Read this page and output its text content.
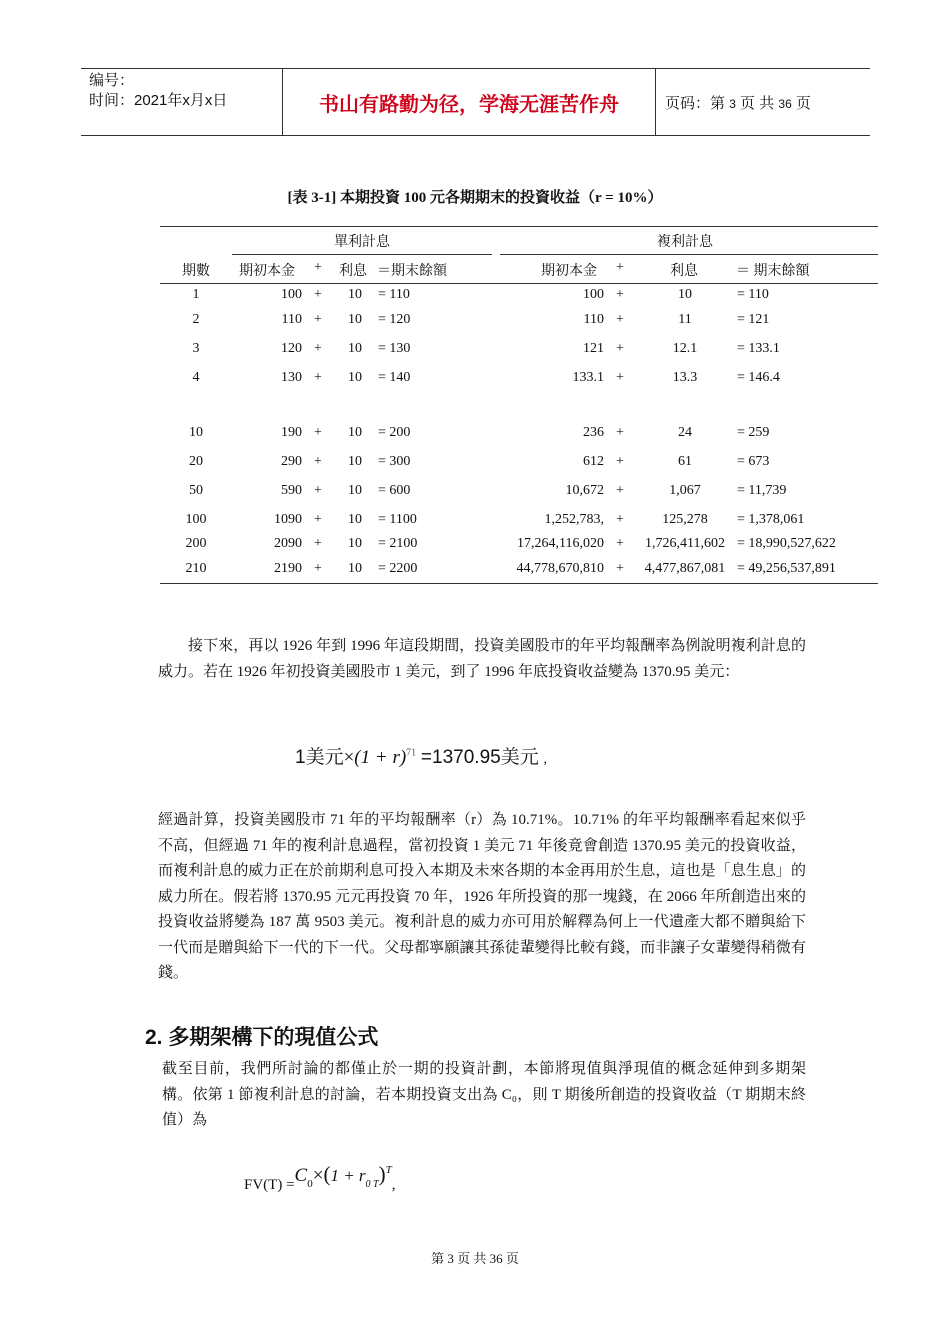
编号：
时间：2021年x月x日	书山有路勤为径，学海无涯苦作舟	页码：第 3 页 共 36 页
[表 3-1] 本期投資 100 元各期期末的投資收益（r = 10%）
單利計息	複利計息
期數	期初本金	+	利息 ＝期末餘額	期初本金	+	利息	＝ 期末餘額
1	100 +	10	= 110	100 +	10	= 110
2	110 +	10	= 120	110 +	11	= 121
3	120 +	10	= 130	121 +	12.1	= 133.1
4	130 +	10	= 140	133.1 +	13.3	= 146.4
10	190 +	10	= 200	236 +	24	= 259
20	290 +	10	= 300	612 +	61	= 673
50	590 +	10	= 600	10,672 +	1,067	= 11,739
100	1090 +	10	= 1100	1,252,783, +	125,278	= 1,378,061
200	2090 +	10	= 2100	17,264,116,020 +	1,726,411,602 = 18,990,527,622
210	2190 +	10	= 2200	44,778,670,810 +	4,477,867,081 = 49,256,537,891

接下來，再以 1926 年到 1996 年這段期間，投資美國股市的年平均報酬率為例說明複利計息的威力。若在 1926 年初投資美國股市 1 美元，到了 1996 年底投資收益變為 1370.95 美元：

1美元$\times(1 + r)^{71} =1370.95$美元 ,

經過計算，投資美國股市 71 年的平均報酬率（r）為 10.71%。10.71% 的年平均報酬率看起來似乎不高，但經過 71 年的複利計息過程，當初投資 1 美元 71 年後竟會創造 1370.95 美元的投資收益，而複利計息的威力正在於前期利息可投入本期及未來各期的本金再用於生息，這也是「息生息」的威力所在。假若將 1370.95 元元再投資 70 年，1926 年所投資的那一塊錢，在 2066 年所創造出來的投資收益將變為 187 萬 9503 美元。複利計息的威力亦可用於解釋為何上一代遺產大都不贈與給下一代而是贈與給下一代的下一代。父母都寧願讓其孫徒輩變得比較有錢，而非讓子女輩變得稍微有錢。

2. 多期架構下的現值公式

截至目前，我們所討論的都僅止於一期的投資計劃，本節將現值與淨現值的概念延伸到多期架構。依第 1 節複利計息的討論，若本期投資支出為 C₀，則 T 期後所創造的投資收益（T 期期末終值）為

$FV(T) =C_0\times(1 + r_{0 T})^T$,
第 3 页 共 36 页
